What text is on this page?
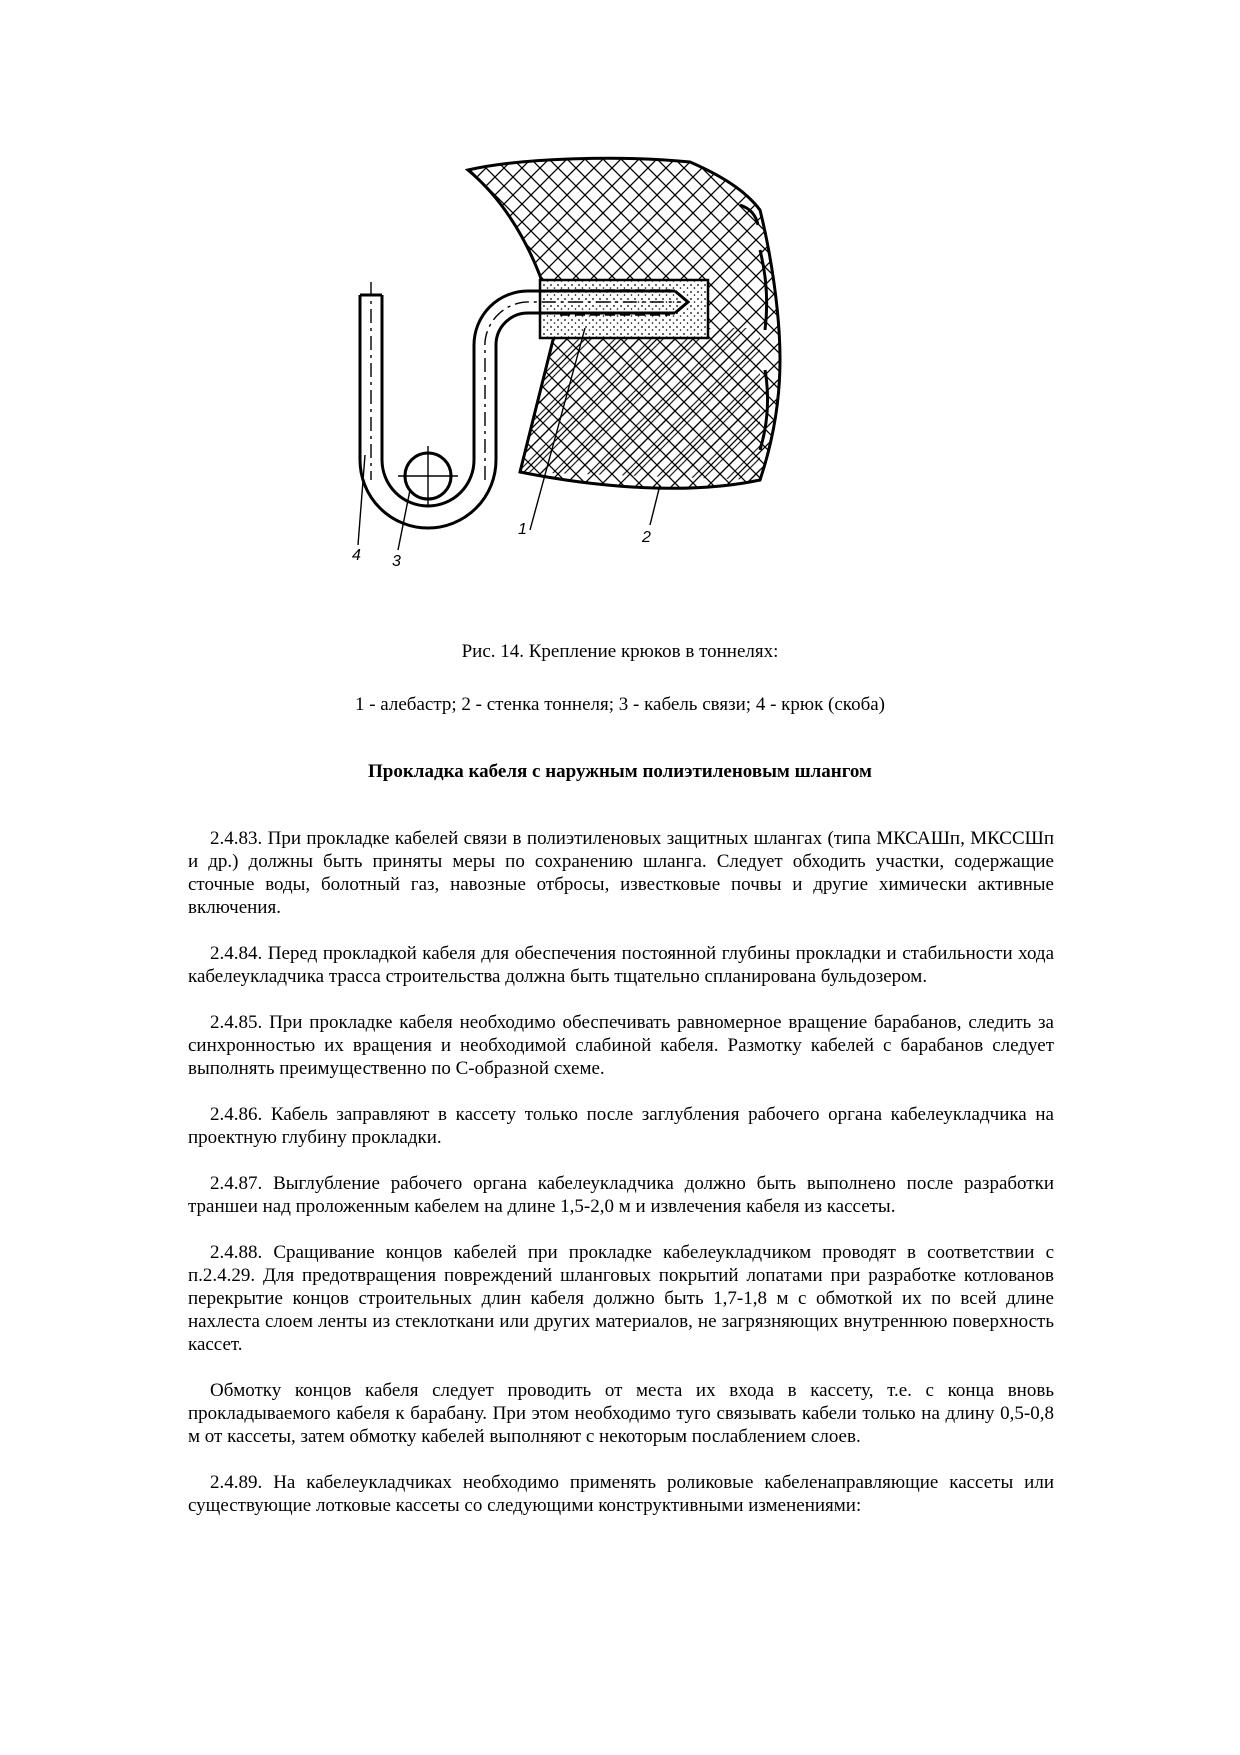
1	2
3
4
Рис. 14. Крепление крюков в тоннелях:
1 - алебастр; 2 - стенка тоннеля; 3 - кабель связи; 4 - крюк (скоба)
Прокладка кабеля с наружным полиэтиленовым шлангом

2.4.83. При прокладке кабелей связи в полиэтиленовых защитных шлангах (типа МКСАШп, МКССШп и др.) должны быть приняты меры по сохранению шланга. Следует обходить участки, содержащие сточные воды, болотный газ, навозные отбросы, известковые почвы и другие химически активные включения.

2.4.84. Перед прокладкой кабеля для обеспечения постоянной глубины прокладки и стабильности хода кабелеукладчика трасса строительства должна быть тщательно спланирована бульдозером.

2.4.85. При прокладке кабеля необходимо обеспечивать равномерное вращение барабанов, следить за синхронностью их вращения и необходимой слабиной кабеля. Размотку кабелей с барабанов следует выполнять преимущественно по С-образной схеме.

2.4.86. Кабель заправляют в кассету только после заглубления рабочего органа кабелеукладчика на проектную глубину прокладки.

2.4.87. Выглубление рабочего органа кабелеукладчика должно быть выполнено после разработки траншеи над проложенным кабелем на длине 1,5-2,0 м и извлечения кабеля из кассеты.

2.4.88. Сращивание концов кабелей при прокладке кабелеукладчиком проводят в соответствии с п.2.4.29. Для предотвращения повреждений шланговых покрытий лопатами при разработке котлованов перекрытие концов строительных длин кабеля должно быть 1,7-1,8 м с обмоткой их по всей длине нахлеста слоем ленты из стеклоткани или других материалов, не загрязняющих внутреннюю поверхность кассет.

Обмотку концов кабеля следует проводить от места их входа в кассету, т.е. с конца вновь прокладываемого кабеля к барабану. При этом необходимо туго связывать кабели только на длину 0,5-0,8 м от кассеты, затем обмотку кабелей выполняют с некоторым послаблением слоев.

2.4.89. На кабелеукладчиках необходимо применять роликовые кабеленаправляющие кассеты или существующие лотковые кассеты со следующими конструктивными изменениями:
